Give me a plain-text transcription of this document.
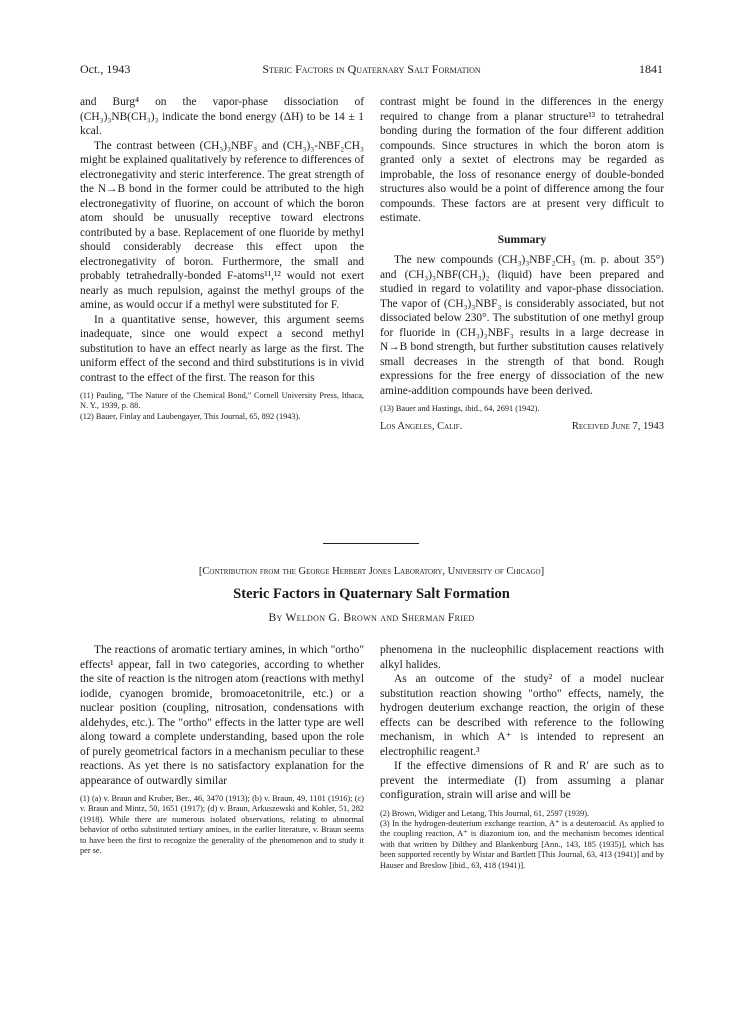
Oct., 1943	Steric Factors in Quaternary Salt Formation	1841

and Burg⁴ on the vapor-phase dissociation of (CH₃)₃NB(CH₃)₃ indicate the bond energy (ΔH) to be 14 ± 1 kcal.

The contrast between (CH₃)₃NBF₃ and (CH₃)₃-NBF₂CH₃ might be explained qualitatively by reference to differences of electronegativity and steric interference. The great strength of the N→B bond in the former could be attributed to the high electronegativity of fluorine, on account of which the boron atom should be unusually receptive toward electrons contributed by a base. Replacement of one fluoride by methyl should considerably decrease this effect upon the electronegativity of boron. Furthermore, the small and probably tetrahedrally-bonded F-atoms¹¹,¹² would not exert nearly as much repulsion, against the methyl groups of the amine, as would occur if a methyl were substituted for F.

In a quantitative sense, however, this argument seems inadequate, since one would expect a second methyl substitution to have an effect nearly as large as the first. The uniform effect of the second and third substitutions is in vivid contrast to the effect of the first. The reason for this

(11) Pauling, "The Nature of the Chemical Bond," Cornell University Press, Ithaca, N. Y., 1939, p. 88.

(12) Bauer, Finlay and Laubengayer, This Journal, 65, 892 (1943).

contrast might be found in the differences in the energy required to change from a planar structure¹³ to tetrahedral bonding during the formation of the four different addition compounds. Since structures in which the boron atom is granted only a sextet of electrons may be regarded as improbable, the loss of resonance energy of double-bonded structures also would be a point of difference among the four compounds. These factors are at present very difficult to estimate.

Summary

The new compounds (CH₃)₃NBF₂CH₃ (m. p. about 35°) and (CH₃)₃NBF(CH₃)₂ (liquid) have been prepared and studied in regard to volatility and vapor-phase dissociation. The vapor of (CH₃)₃NBF₃ is considerably associated, but not dissociated below 230°. The substitution of one methyl group for fluoride in (CH₃)₃NBF₃ results in a large decrease in N→B bond strength, but further substitution causes relatively small decreases in the strength of that bond. Rough expressions for the free energy of dissociation of the new amine-addition compounds have been derived.

(13) Bauer and Hastings, ibid., 64, 2691 (1942).

Los Angeles, Calif.	Received June 7, 1943
[Contribution from the George Herbert Jones Laboratory, University of Chicago]
Steric Factors in Quaternary Salt Formation
By Weldon G. Brown and Sherman Fried

The reactions of aromatic tertiary amines, in which "ortho" effects¹ appear, fall in two categories, according to whether the site of reaction is the nitrogen atom (reactions with methyl iodide, cyanogen bromide, bromoacetonitrile, etc.) or a nuclear position (coupling, nitrosation, condensations with aldehydes, etc.). The "ortho" effects in the latter type are well along toward a complete understanding, based upon the role of purely geometrical factors in a mechanism peculiar to these reactions. As yet there is no satisfactory explanation for the appearance of outwardly similar

(1) (a) v. Braun and Kruber, Ber., 46, 3470 (1913); (b) v. Braun, 49, 1101 (1916); (c) v. Braun and Mintz, 50, 1651 (1917); (d) v. Braun, Arkuszewski and Kohler, 51, 282 (1918). While there are numerous isolated observations, relating to abnormal behavior of ortho substituted tertiary amines, in the earlier literature, v. Braun seems to have been the first to recognize the generality of the phenomenon and to study it per se.

phenomena in the nucleophilic displacement reactions with alkyl halides.

As an outcome of the study² of a model nuclear substitution reaction showing "ortho" effects, namely, the hydrogen deuterium exchange reaction, the origin of these effects can be described with reference to the following mechanism, in which A⁺ is intended to represent an electrophilic reagent.³

If the effective dimensions of R and R′ are such as to prevent the intermediate (I) from assuming a planar configuration, strain will arise and will be

(2) Brown, Widiger and Letang, This Journal, 61, 2597 (1939).

(3) In the hydrogen-deuterium exchange reaction, A⁺ is a deuteroacid. As applied to the coupling reaction, A⁺ is diazonium ion, and the mechanism becomes identical with that written by Dilthey and Blankenburg [Ann., 143, 185 (1935)], which has been supported recently by Wistar and Bartlett [This Journal, 63, 413 (1941)] and by Hauser and Breslow [ibid., 63, 418 (1941)].
